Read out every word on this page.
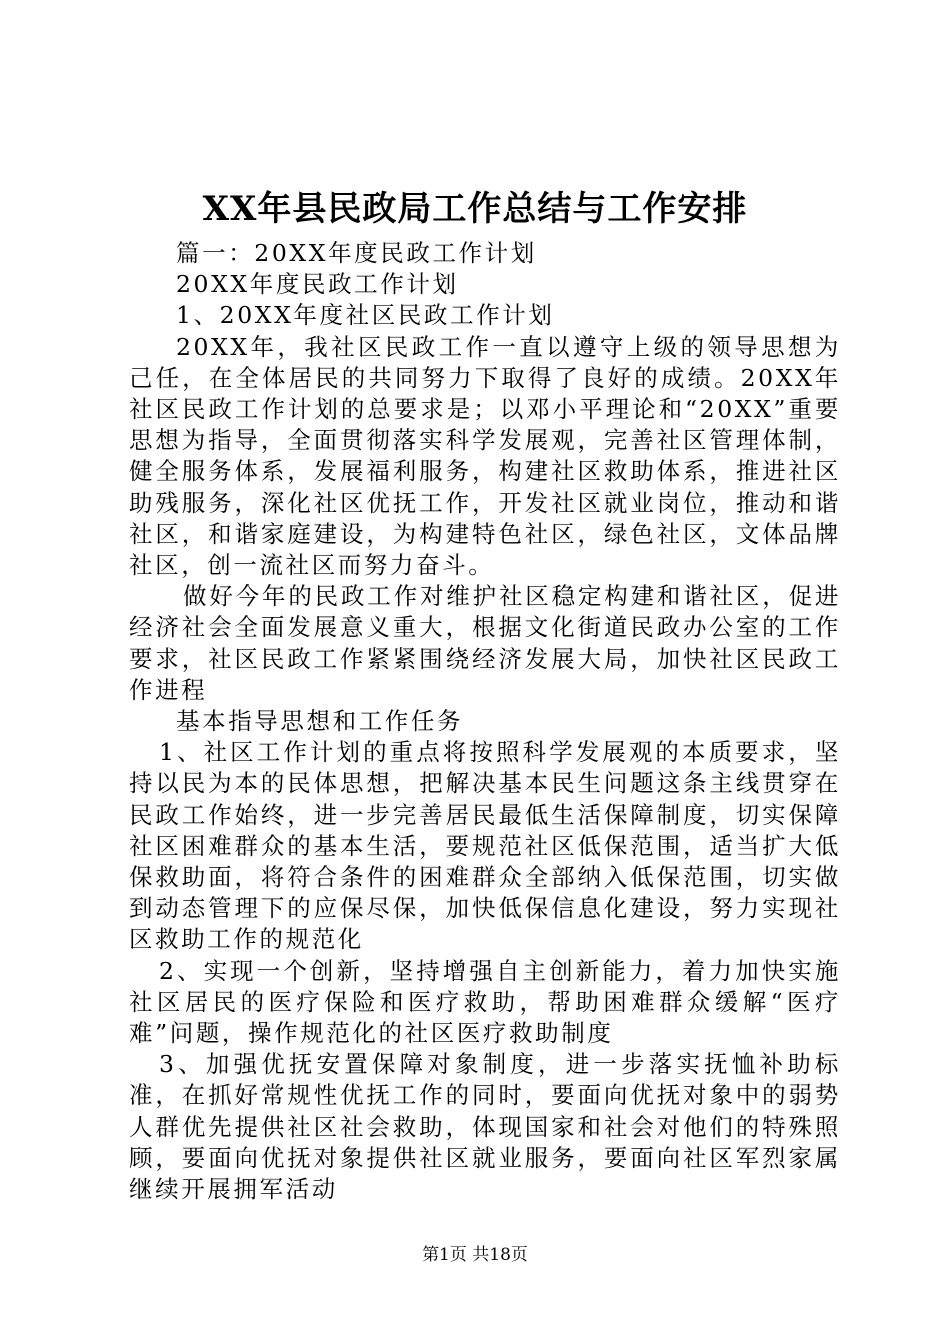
XX年县民政局工作总结与工作安排

篇一：20XX年度民政工作计划

20XX年度民政工作计划

1、20XX年度社区民政工作计划

20XX年，我社区民政工作一直以遵守上级的领导思想为己任，在全体居民的共同努力下取得了良好的成绩。20XX年社区民政工作计划的总要求是；以邓小平理论和“20XX”重要思想为指导，全面贯彻落实科学发展观，完善社区管理体制，健全服务体系，发展福利服务，构建社区救助体系，推进社区助残服务，深化社区优抚工作，开发社区就业岗位，推动和谐社区，和谐家庭建设，为构建特色社区，绿色社区，文体品牌社区，创一流社区而努力奋斗。

做好今年的民政工作对维护社区稳定构建和谐社区，促进经济社会全面发展意义重大，根据文化街道民政办公室的工作要求，社区民政工作紧紧围绕经济发展大局，加快社区民政工作进程

基本指导思想和工作任务

1、社区工作计划的重点将按照科学发展观的本质要求，坚持以民为本的民体思想，把解决基本民生问题这条主线贯穿在民政工作始终，进一步完善居民最低生活保障制度，切实保障社区困难群众的基本生活，要规范社区低保范围，适当扩大低保救助面，将符合条件的困难群众全部纳入低保范围，切实做到动态管理下的应保尽保，加快低保信息化建设，努力实现社区救助工作的规范化

2、实现一个创新，坚持增强自主创新能力，着力加快实施社区居民的医疗保险和医疗救助，帮助困难群众缓解“医疗难”问题，操作规范化的社区医疗救助制度

3、加强优抚安置保障对象制度，进一步落实抚恤补助标准，在抓好常规性优抚工作的同时，要面向优抚对象中的弱势人群优先提供社区社会救助，体现国家和社会对他们的特殊照顾，要面向优抚对象提供社区就业服务，要面向社区军烈家属继续开展拥军活动

第1页 共18页
